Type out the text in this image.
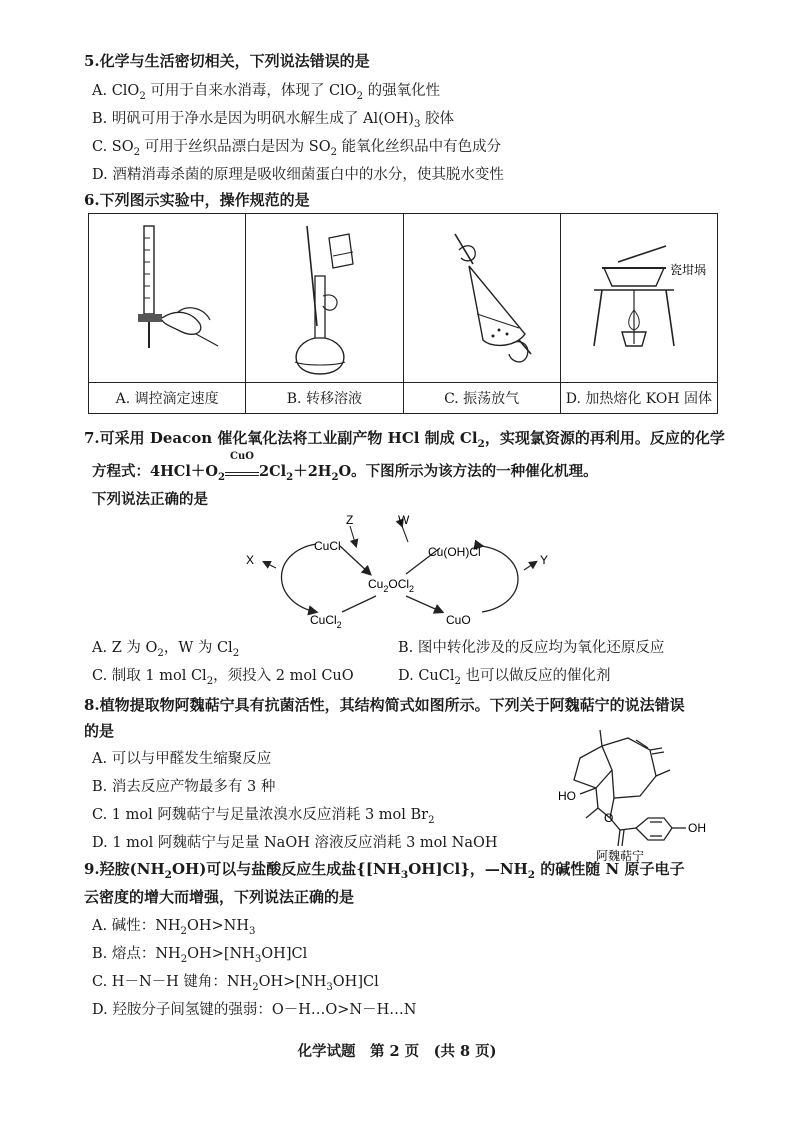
5.化学与生活密切相关，下列说法错误的是
A. ClO$_2$ 可用于自来水消毒，体现了 ClO$_2$ 的强氧化性
B. 明矾可用于净水是因为明矾水解生成了 $Al(OH)_3$ 胶体
C. $SO_2$ 可用于丝织品漂白是因为 $SO_2$ 能氧化丝织品中有色成分
D. 酒精消毒杀菌的原理是吸收细菌蛋白中的水分，使其脱水变性
6.下列图示实验中，操作规范的是

瓷坩埚

A. 调控滴定速度	B. 转移溶液	C. 振荡放气	D. 加热熔化 KOH 固体
7.可采用 Deacon 催化氧化法将工业副产物 HCl 制成 $Cl_2$，实现氯资源的再利用。反应的化学
方程式：$4HCl+O_2$
CuO
$2Cl_2+2H_2O$。下图所示为该方法的一种催化机理。
下列说法正确的是
CuCl
Z	W
Cu(OH)Cl
X	Y
$Cu_2OCl_2$
CuCl$_2$	CuO
A. Z 为 $O_2$，W 为 $Cl_2$	B. 图中转化涉及的反应均为氧化还原反应
C. 制取 1 mol $Cl_2$，须投入 2 mol CuO	D. CuCl$_2$ 也可以做反应的催化剂
8.植物提取物阿魏萜宁具有抗菌活性，其结构简式如图所示。下列关于阿魏萜宁的说法错误
的是
A. 可以与甲醛发生缩聚反应
B. 消去反应产物最多有 3 种
C. 1 mol 阿魏萜宁与足量浓溴水反应消耗 3 mol $Br_2$
D. 1 mol 阿魏萜宁与足量 NaOH 溶液反应消耗 3 mol NaOH
HO
O
OH
阿魏萜宁
9.羟胺$(NH_2OH)$可以与盐酸反应生成盐$\{[NH_3OH]Cl\}$，$—NH_2$ 的碱性随 N 原子电子
云密度的增大而增强，下列说法正确的是
A. 碱性：$NH_2OH>NH_3$
B. 熔点：$NH_2OH>[NH_3OH]Cl$
C. H－N－H 键角：$NH_2OH>[NH_3OH]Cl$
D. 羟胺分子间氢键的强弱：O－H…O>N－H…N
化学试题　第 2 页　(共 8 页)
